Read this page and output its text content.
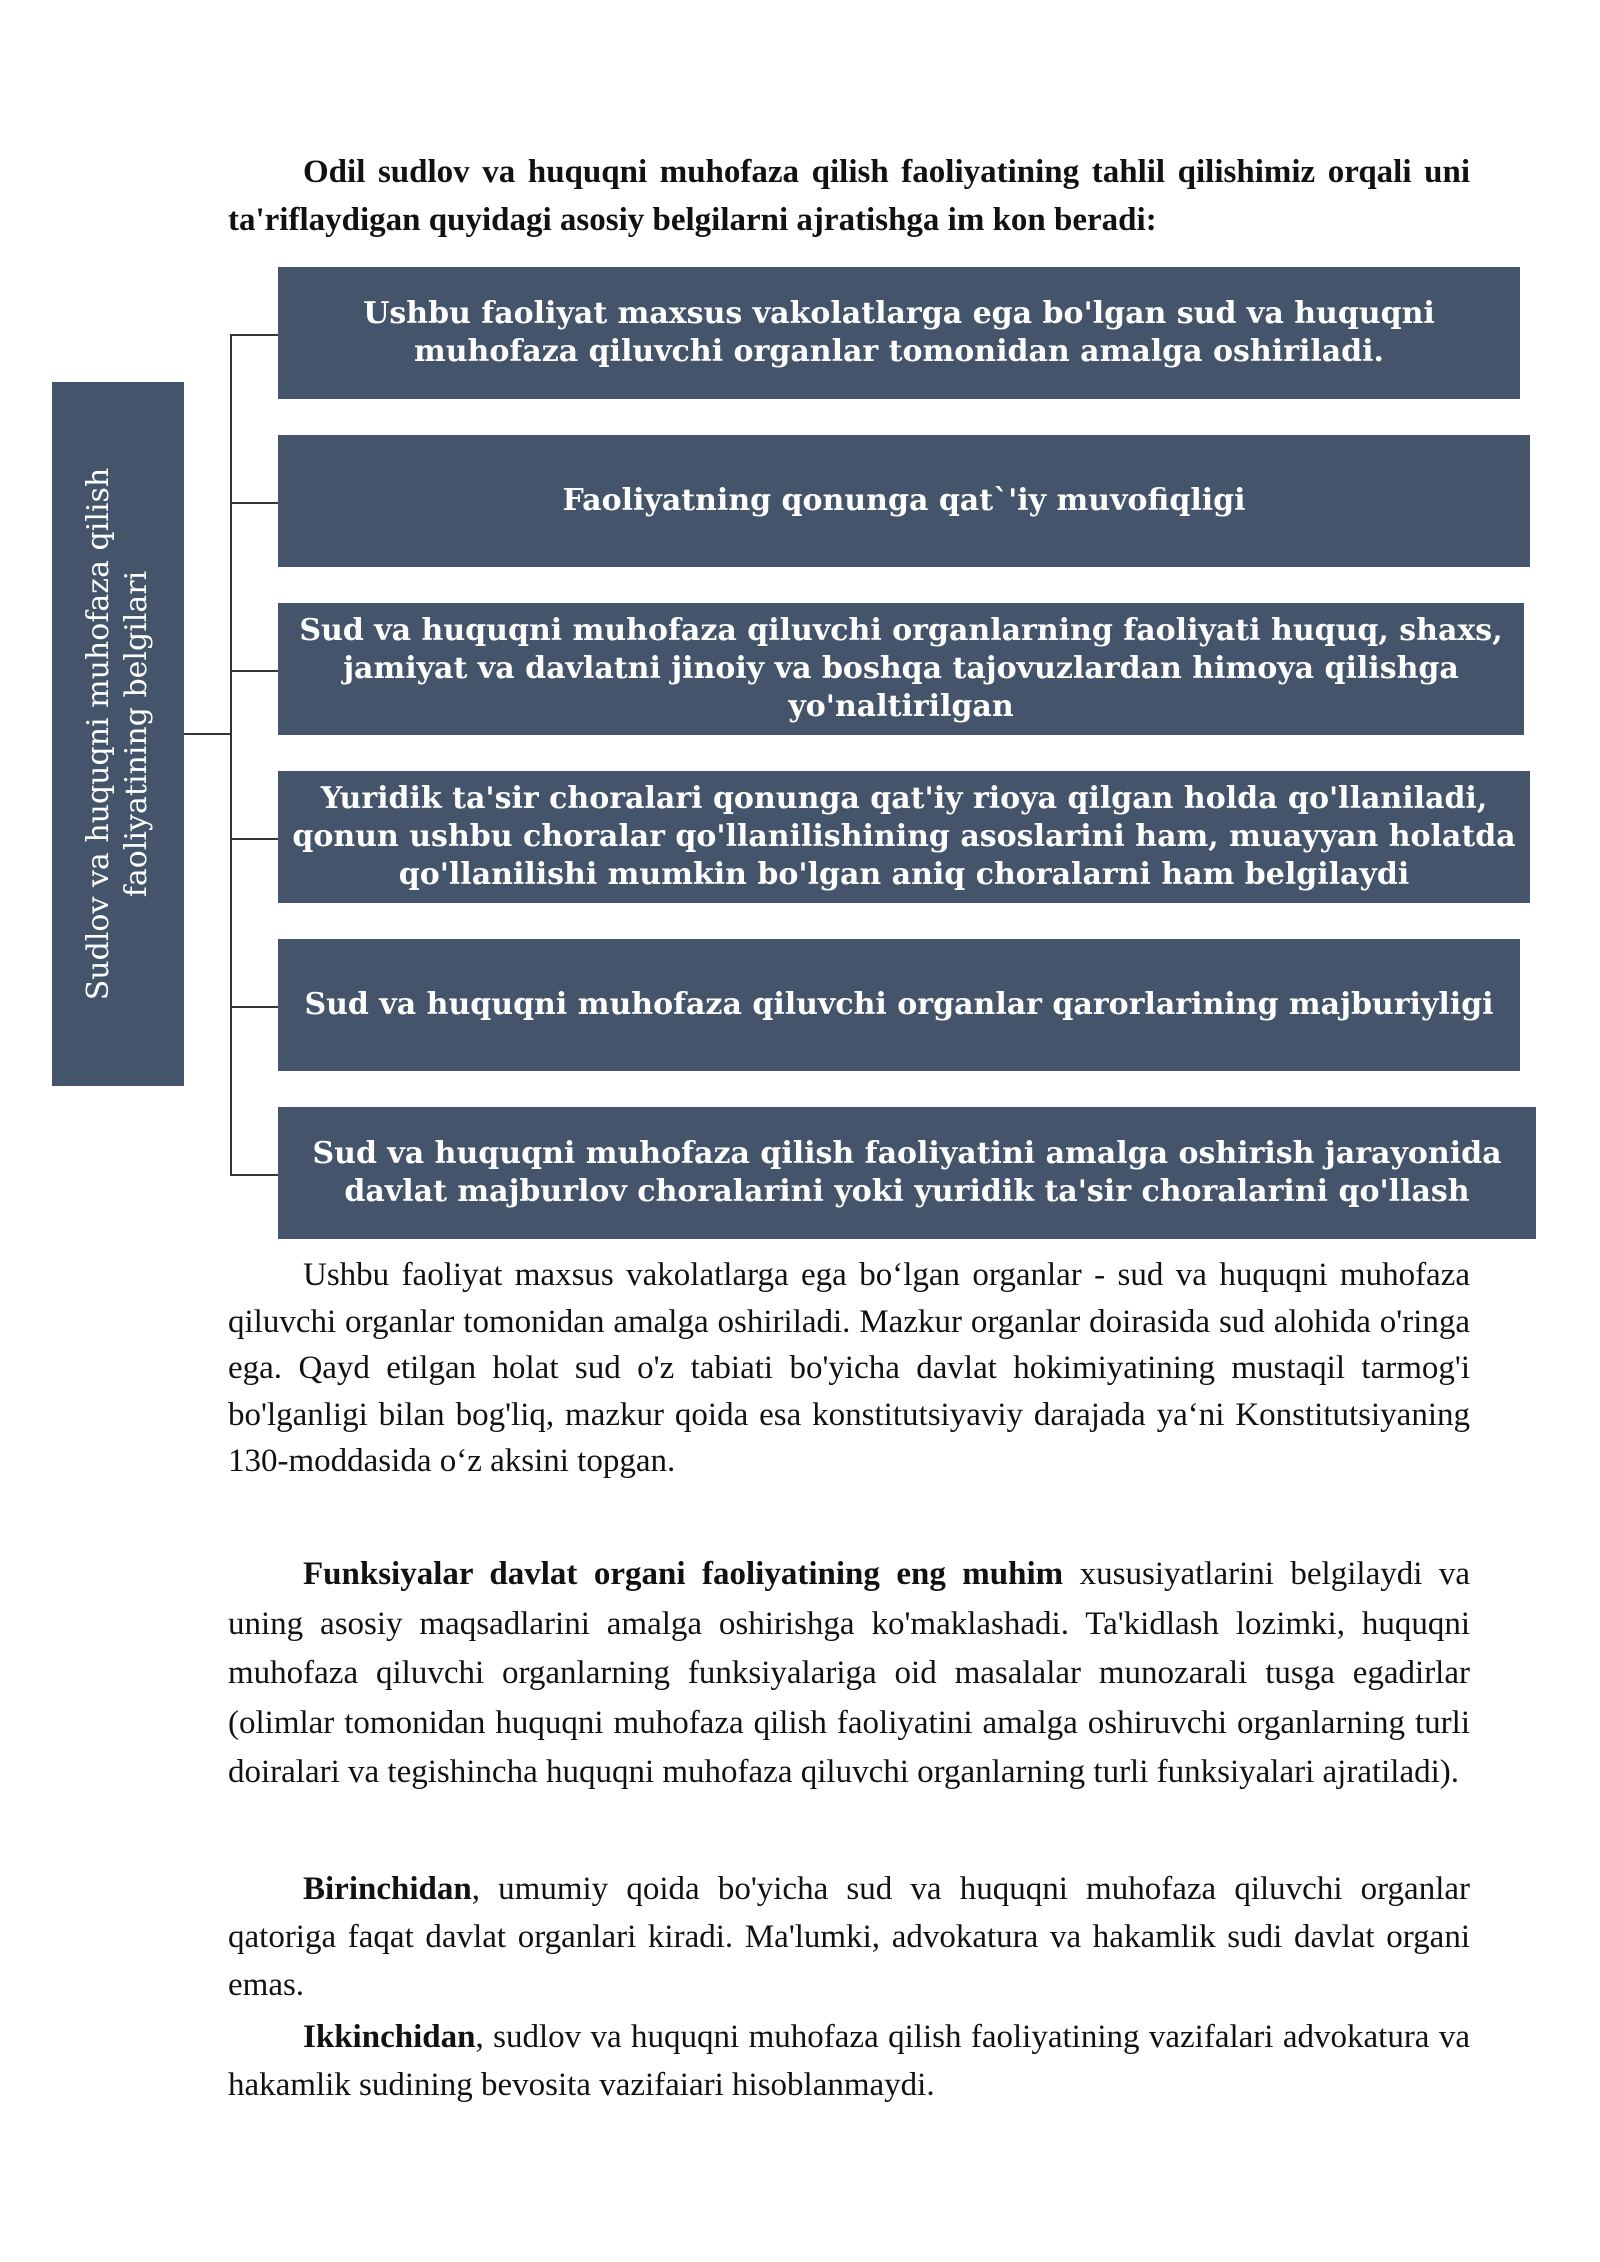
Odil sudlov va huquqni muhofaza qilish faoliyatining tahlil qilishimiz orqali uni ta'riflaydigan quyidagi asosiy belgilarni ajratishga im kon beradi:
Sudlov va huquqni muhofaza qilish faoliyatining belgilari
Ushbu faoliyat maxsus vakolatlarga ega bo'lgan sud va huquqni muhofaza qiluvchi organlar tomonidan amalga oshiriladi.
Faoliyatning qonunga qat`'iy muvofiqligi
Sud va huquqni muhofaza qiluvchi organlarning faoliyati huquq, shaxs, jamiyat va davlatni jinoiy va boshqa tajovuzlardan himoya qilishga yo'naltirilgan
Yuridik ta'sir choralari qonunga qat'iy rioya qilgan holda qo'llaniladi, qonun ushbu choralar qo'llanilishining asoslarini ham, muayyan holatda qo'llanilishi mumkin bo'lgan aniq choralarni ham belgilaydi
Sud va huquqni muhofaza qiluvchi organlar qarorlarining majburiyligi
Sud va huquqni muhofaza qilish faoliyatini amalga oshirish jarayonida davlat majburlov choralarini yoki yuridik ta'sir choralarini qo'llash
Ushbu faoliyat maxsus vakolatlarga ega bo‘lgan organlar - sud va huquqni muhofaza qiluvchi organlar tomonidan amalga oshiriladi. Mazkur organlar doirasida sud alohida o'ringa ega. Qayd etilgan holat sud o'z tabiati bo'yicha davlat hokimiyatining mustaqil tarmog'i bo'lganligi bilan bog'liq, mazkur qoida esa konstitutsiyaviy darajada ya‘ni Konstitutsiyaning 130-moddasida o‘z aksini topgan.
Funksiyalar davlat organi faoliyatining eng muhim xususiyatlarini belgilaydi va uning asosiy maqsadlarini amalga oshirishga ko'maklashadi. Ta'kidlash lozimki, huquqni muhofaza qiluvchi organlarning funksiyalariga oid masalalar munozarali tusga egadirlar (olimlar tomonidan huquqni muhofaza qilish faoliyatini amalga oshiruvchi organlarning turli doiralari va tegishincha huquqni muhofaza qiluvchi organlarning turli funksiyalari ajratiladi).
Birinchidan, umumiy qoida bo'yicha sud va huquqni muhofaza qiluvchi organlar qatoriga faqat davlat organlari kiradi. Ma'lumki, advokatura va hakamlik sudi davlat organi emas.
Ikkinchidan, sudlov va huquqni muhofaza qilish faoliyatining vazifalari advokatura va hakamlik sudining bevosita vazifaiari hisoblanmaydi.
